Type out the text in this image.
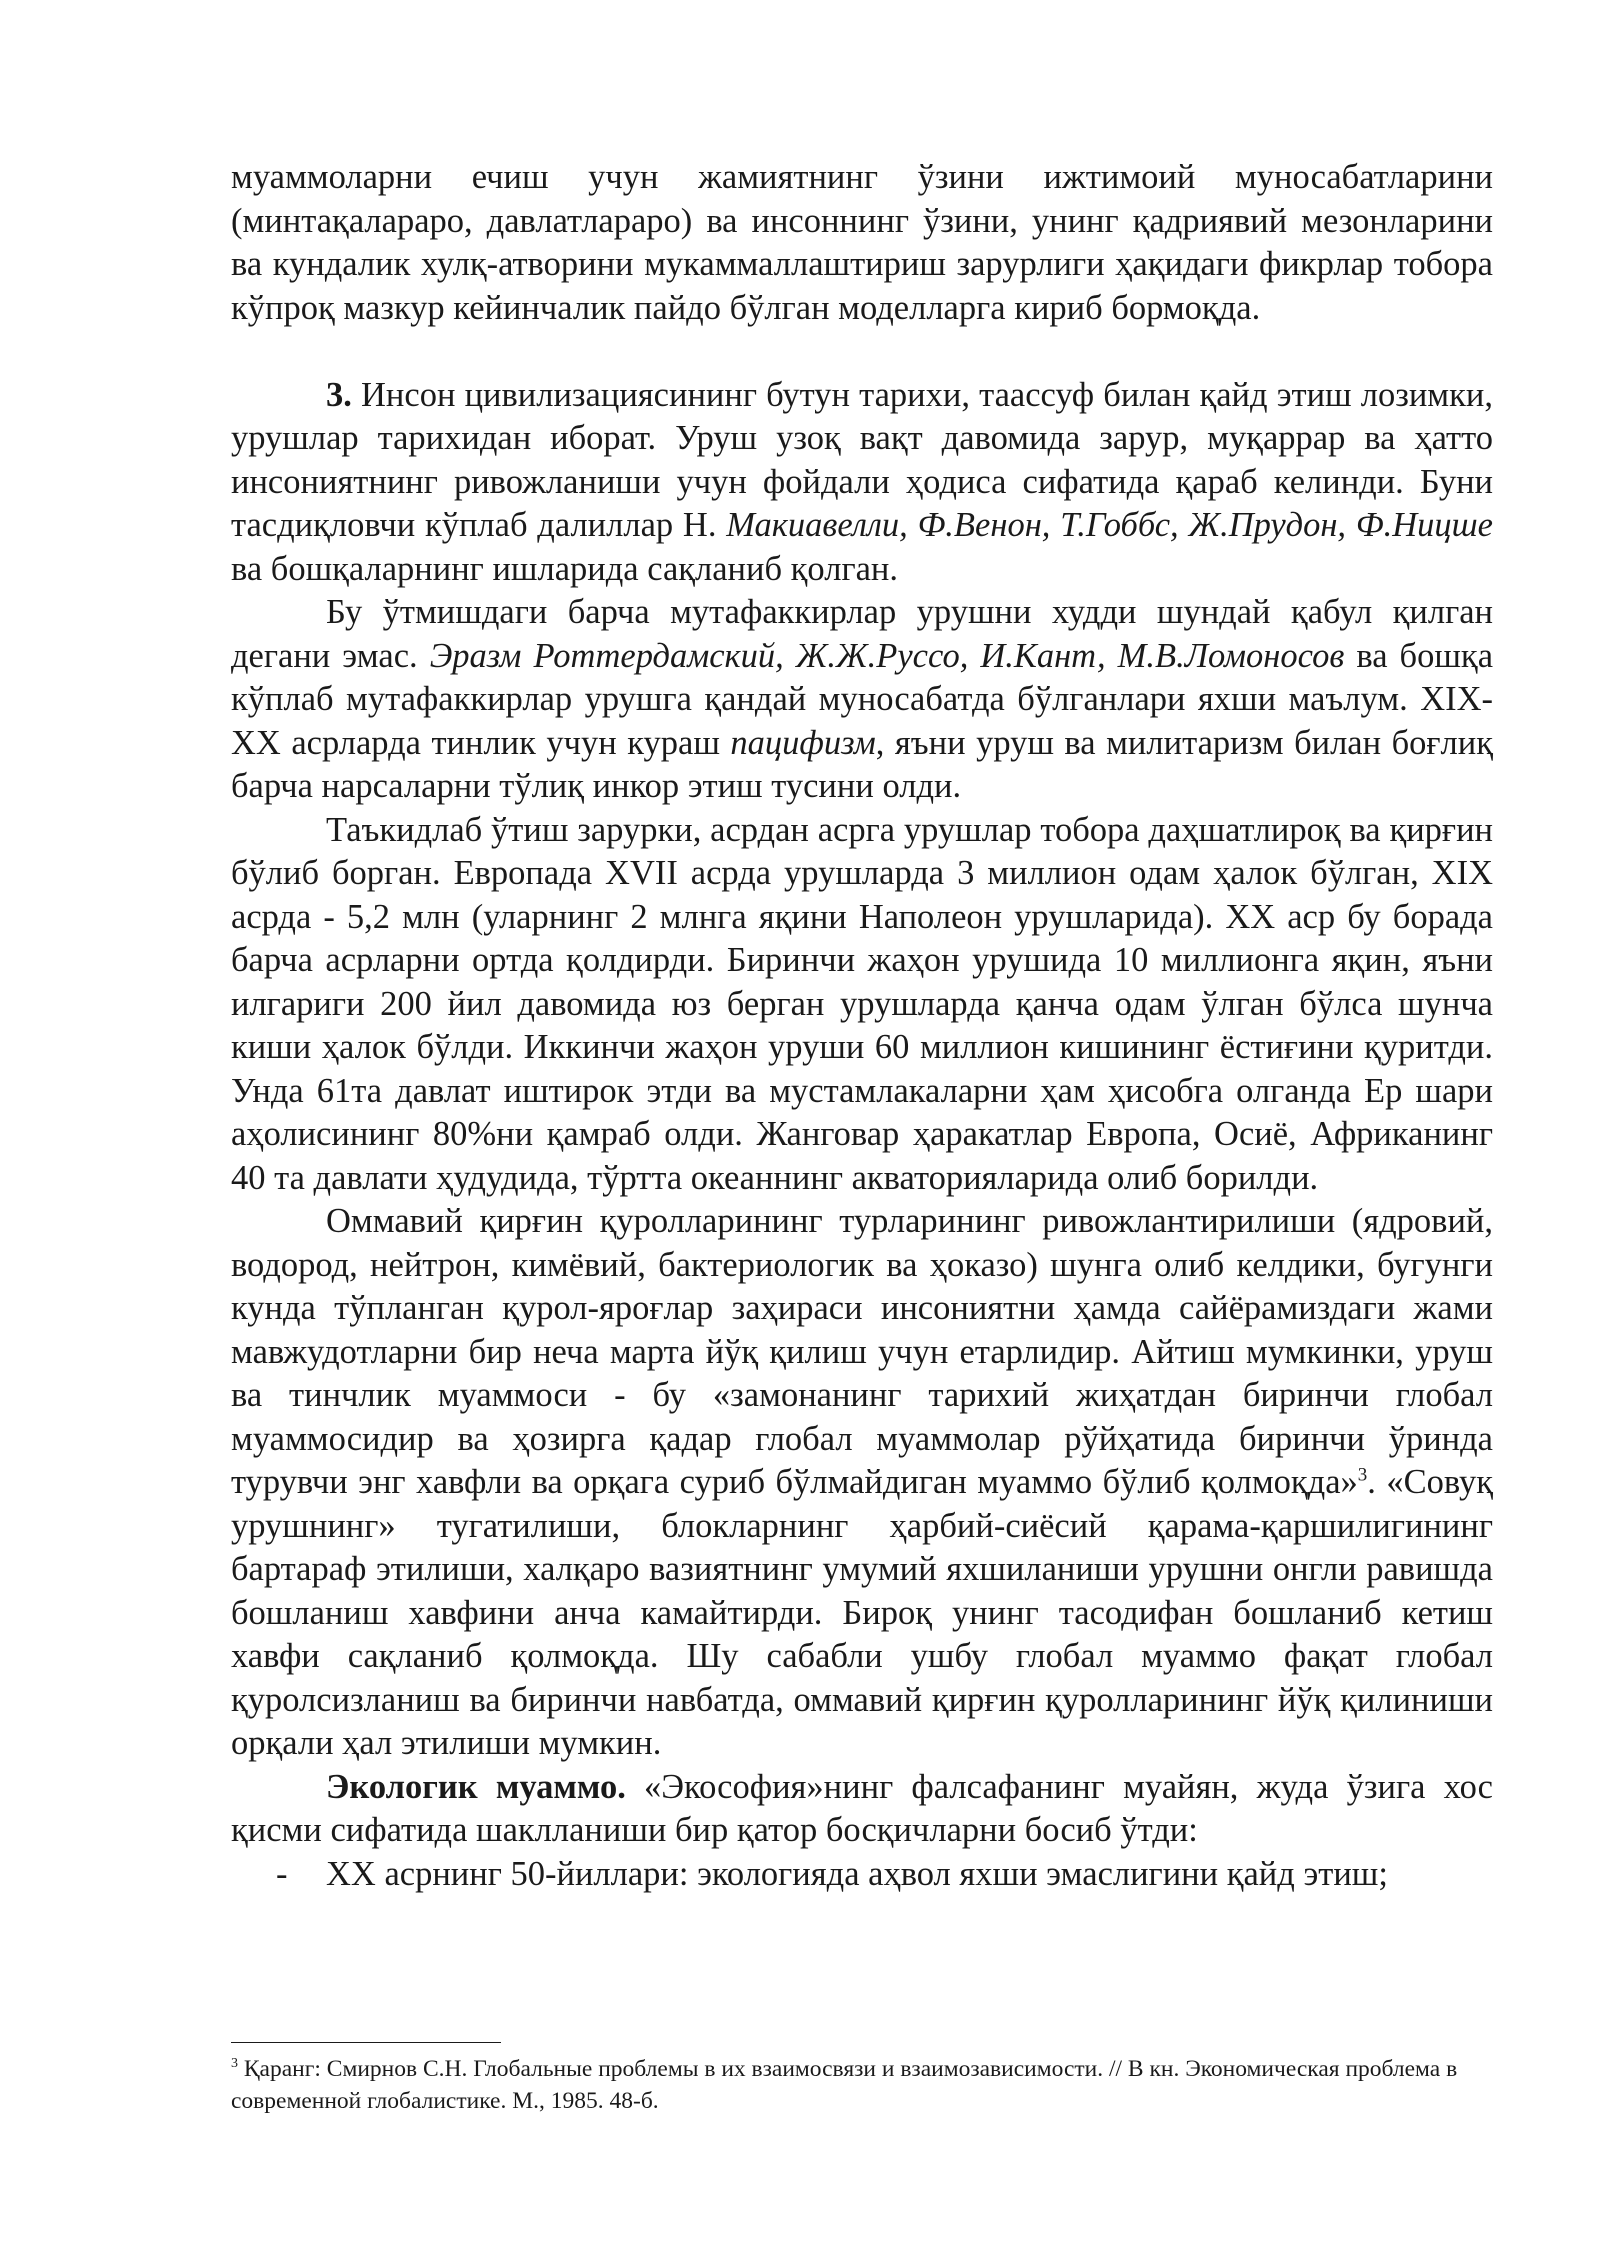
муаммоларни ечиш учун жамиятнинг ўзини ижтимоий муносабатларини (минтақалараро, давлатлараро) ва инсоннинг ўзини, унинг қадриявий мезонларини ва кундалик хулқ-атворини мукаммаллаштириш зарурлиги ҳақидаги фикрлар тобора кўпроқ мазкур кейинчалик пайдо бўлган моделларга кириб бормоқда.

3. Инсон цивилизациясининг бутун тарихи, таассуф билан қайд этиш лозимки, урушлар тарихидан иборат. Уруш узоқ вақт давомида зарур, муқаррар ва ҳатто инсониятнинг ривожланиши учун фойдали ҳодиса сифатида қараб келинди. Буни тасдиқловчи кўплаб далиллар Н. Макиавелли, Ф.Венон, Т.Гоббс, Ж.Прудон, Ф.Ницше ва бошқаларнинг ишларида сақланиб қолган.

Бу ўтмишдаги барча мутафаккирлар урушни худди шундай қабул қилган дегани эмас. Эразм Роттердамский, Ж.Ж.Руссо, И.Кант, М.В.Ломоносов ва бошқа кўплаб мутафаккирлар урушга қандай муносабатда бўлганлари яхши маълум. XIX-XX асрларда тинлик учун кураш пацифизм, яъни уруш ва милитаризм билан боғлиқ барча нарсаларни тўлиқ инкор этиш тусини олди.

Таъкидлаб ўтиш зарурки, асрдан асрга урушлар тобора даҳшатлироқ ва қирғин бўлиб борган. Европада XVII асрда урушларда 3 миллион одам ҳалок бўлган, XIX асрда - 5,2 млн (уларнинг 2 млнга яқини Наполеон урушларида). XX аср бу борада барча асрларни ортда қолдирди. Биринчи жаҳон урушида 10 миллионга яқин, яъни илгариги 200 йил давомида юз берган урушларда қанча одам ўлган бўлса шунча киши ҳалок бўлди. Иккинчи жаҳон уруши 60 миллион кишининг ёстиғини қуритди. Унда 61та давлат иштирок этди ва мустамлакаларни ҳам ҳисобга олганда Ер шари аҳолисининг 80%ни қамраб олди. Жанговар ҳаракатлар Европа, Осиё, Африканинг 40 та давлати ҳудудида, тўртта океаннинг акваторияларида олиб борилди.

Оммавий қирғин қуролларининг турларининг ривожлантирилиши (ядровий, водород, нейтрон, кимёвий, бактериологик ва ҳоказо) шунга олиб келдики, бугунги кунда тўпланган қурол-яроғлар заҳираси инсониятни ҳамда сайёрамиздаги жами мавжудотларни бир неча марта йўқ қилиш учун етарлидир. Айтиш мумкинки, уруш ва тинчлик муаммоси - бу «замонанинг тарихий жиҳатдан биринчи глобал муаммосидир ва ҳозирга қадар глобал муаммолар рўйҳатида биринчи ўринда турувчи энг хавфли ва орқага суриб бўлмайдиган муаммо бўлиб қолмоқда»$^3$. «Совуқ урушнинг» тугатилиши, блокларнинг ҳарбий-сиёсий қарама-қаршилигининг бартараф этилиши, халқаро вазиятнинг умумий яхшиланиши урушни онгли равишда бошланиш хавфини анча камайтирди. Бироқ унинг тасодифан бошланиб кетиш хавфи сақланиб қолмоқда. Шу сабабли ушбу глобал муаммо фақат глобал қуролсизланиш ва биринчи навбатда, оммавий қирғин қуролларининг йўқ қилиниши орқали ҳал этилиши мумкин.

Экологик муаммо. «Экософия»нинг фалсафанинг муайян, жуда ўзига хос қисми сифатида шаклланиши бир қатор босқичларни босиб ўтди:

- XX асрнинг 50-йиллари: экологияда аҳвол яхши эмаслигини қайд этиш;

$^3$ Қаранг: Смирнов С.Н. Глобальные проблемы в их взаимосвязи и взаимозависимости. // В кн. Экономическая проблема в современной глобалистике. М., 1985. 48-б.
